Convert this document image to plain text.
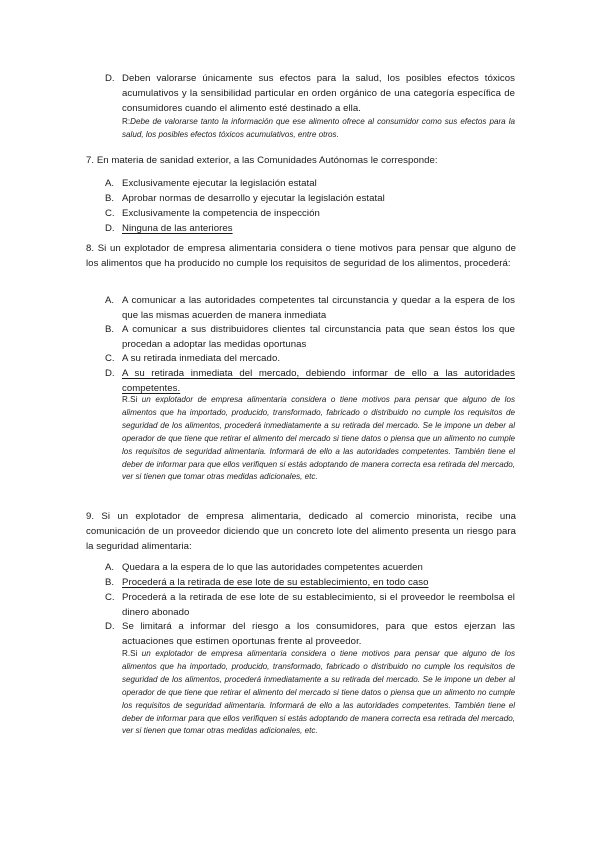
D. Deben valorarse únicamente sus efectos para la salud, los posibles efectos tóxicos acumulativos y la sensibilidad particular en orden orgánico de una categoría específica de consumidores cuando el alimento esté destinado a ella.
R:Debe de valorarse tanto la información que ese alimento ofrece al consumidor como sus efectos para la salud, los posibles efectos tóxicos acumulativos, entre otros.
7. En materia de sanidad exterior, a las Comunidades Autónomas le corresponde:
A. Exclusivamente ejecutar la legislación estatal
B. Aprobar normas de desarrollo y ejecutar la legislación estatal
C. Exclusivamente la competencia de inspección
D. Ninguna de las anteriores
8. Si un explotador de empresa alimentaria considera o tiene motivos para pensar que alguno de los alimentos que ha producido no cumple los requisitos de seguridad de los alimentos, procederá:
A. A comunicar a las autoridades competentes tal circunstancia y quedar a la espera de los que las mismas acuerden de manera inmediata
B. A comunicar a sus distribuidores clientes tal circunstancia pata que sean éstos los que procedan a adoptar las medidas oportunas
C. A su retirada inmediata del mercado.
D. A su retirada inmediata del mercado, debiendo informar de ello a las autoridades competentes.
R.Si un explotador de empresa alimentaria considera o tiene motivos para pensar que alguno de los alimentos que ha importado, producido, transformado, fabricado o distribuido no cumple los requisitos de seguridad de los alimentos, procederá inmediatamente a su retirada del mercado. Se le impone un deber al operador de que tiene que retirar el alimento del mercado si tiene datos o piensa que un alimento no cumple los requisitos de seguridad alimentaria. Informará de ello a las autoridades competentes. También tiene el deber de informar para que ellos verifiquen si estás adoptando de manera correcta esa retirada del mercado, ver si tienen que tomar otras medidas adicionales, etc.
9. Si un explotador de empresa alimentaria, dedicado al comercio minorista, recibe una comunicación de un proveedor diciendo que un concreto lote del alimento presenta un riesgo para la seguridad alimentaria:
A. Quedara a la espera de lo que las autoridades competentes acuerden
B. Procederá a la retirada de ese lote de su establecimiento, en todo caso
C. Procederá a la retirada de ese lote de su establecimiento, si el proveedor le reembolsa el dinero abonado
D. Se limitará a informar del riesgo a los consumidores, para que estos ejerzan las actuaciones que estimen oportunas frente al proveedor.
R.Si un explotador de empresa alimentaria considera o tiene motivos para pensar que alguno de los alimentos que ha importado, producido, transformado, fabricado o distribuido no cumple los requisitos de seguridad de los alimentos, procederá inmediatamente a su retirada del mercado. Se le impone un deber al operador de que tiene que retirar el alimento del mercado si tiene datos o piensa que un alimento no cumple los requisitos de seguridad alimentaria. Informará de ello a las autoridades competentes. También tiene el deber de informar para que ellos verifiquen si estás adoptando de manera correcta esa retirada del mercado, ver si tienen que tomar otras medidas adicionales, etc.
